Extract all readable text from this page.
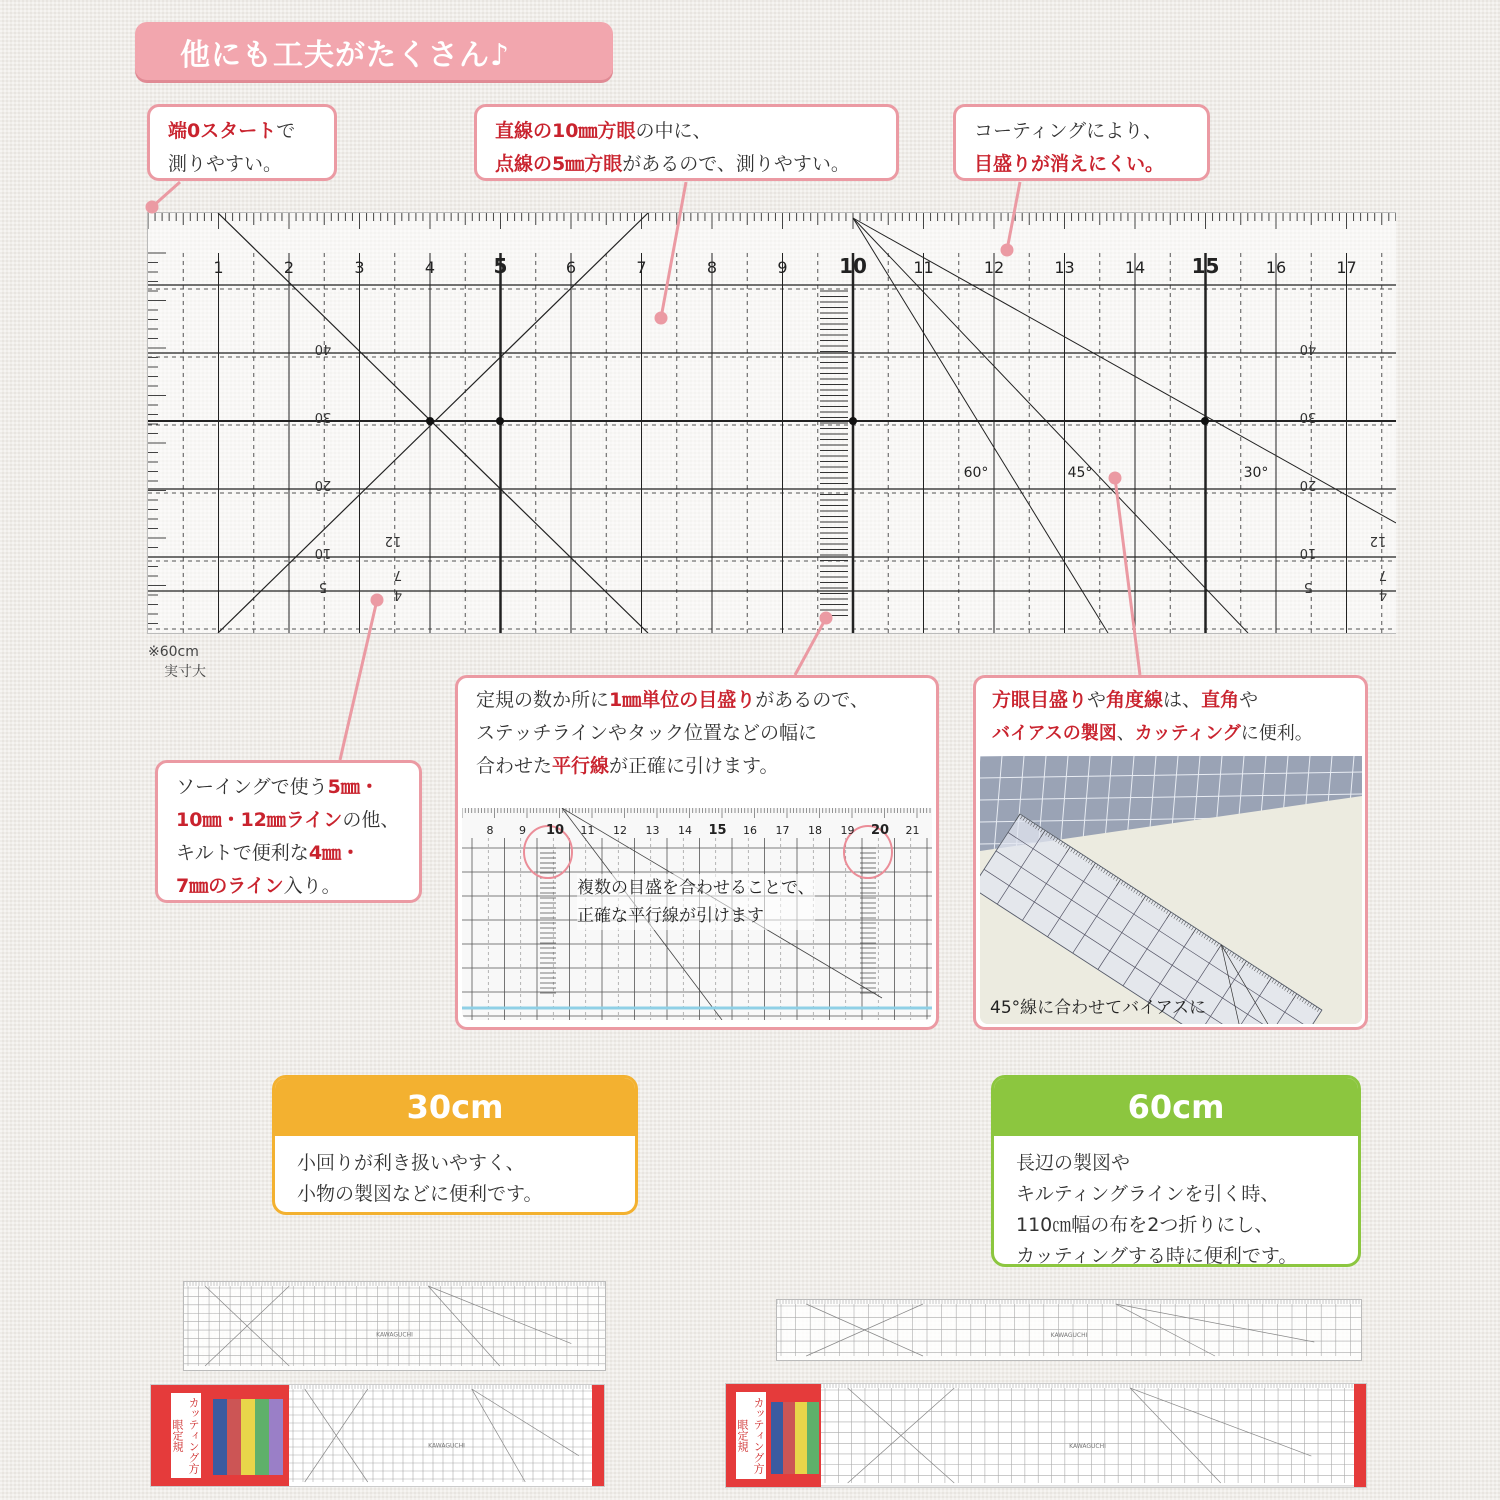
他にも工夫がたくさん♪
端0スタートで
測りやすい。
直線の10㎜方眼の中に、
点線の5㎜方眼があるので、測りやすい。
コーティングにより、
目盛りが消えにくい。
1	2	3	4	5	6	7	8	9	10	11	12	13	14 15	16	17
40	40
30	30
20	20
10	10
5	5
12	12
7	7
4	4
60°	45°	30°
※60cm
実寸大
ソーイングで使う5㎜・
10㎜・12㎜ラインの他、
キルトで便利な4㎜・
7㎜のライン入り。
定規の数か所に1㎜単位の目盛りがあるので、
ステッチラインやタック位置などの幅に
合わせた平行線が正確に引けます。
8 9 10 11 12 13 14 15 16 17 18 19 20 21
複数の目盛を合わせることで、
正確な平行線が引けます
方眼目盛りや角度線は、直角や
バイアスの製図、カッティングに便利。
45°線に合わせてバイアスに
30cm
小回りが利き扱いやすく、
小物の製図などに便利です。
60cm
長辺の製図や
キルティングラインを引く時、
110㎝幅の布を2つ折りにし、
カッティングする時に便利です。
KAWAGUCHI
カッティング方眼定規	KAWAGUCHI
KAWAGUCHI
カッティング方眼定規	KAWAGUCHI
